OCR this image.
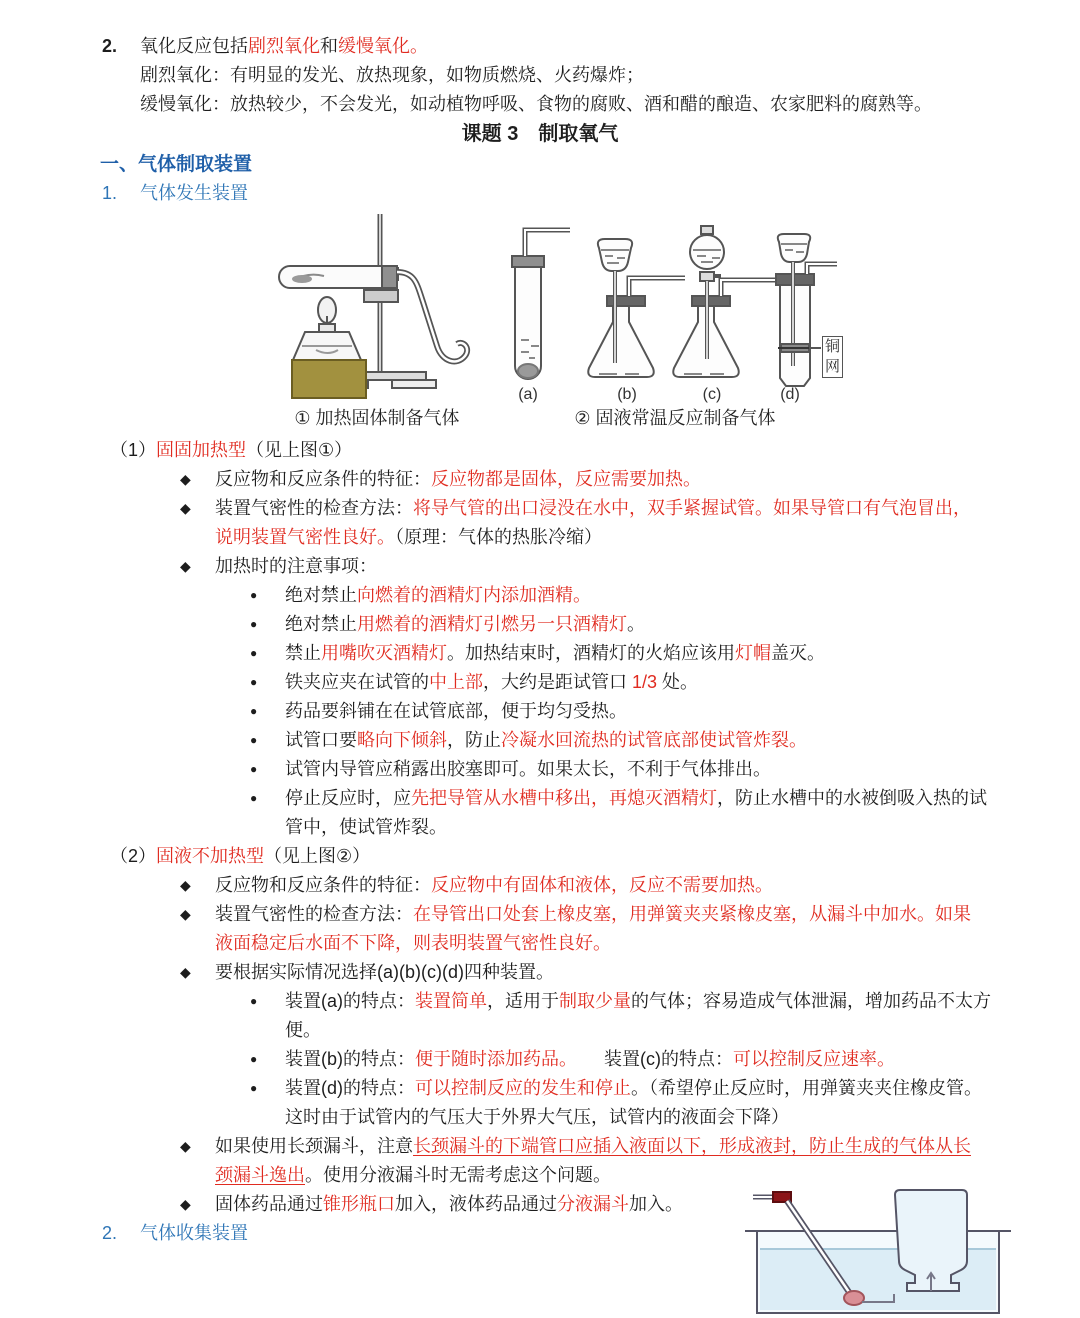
2.	氧化反应包括剧烈氧化和缓慢氧化。
剧烈氧化：有明显的发光、放热现象，如物质燃烧、火药爆炸；
缓慢氧化：放热较少，不会发光，如动植物呼吸、食物的腐败、酒和醋的酿造、农家肥料的腐熟等。
课题 3　制取氧气
一、气体制取装置
1.	气体发生装置
① 加热固体制备气体
(a)	(b)	(c)	(d)
铜网
② 固液常温反应制备气体
（1）固固加热型（见上图①）
◆	反应物和反应条件的特征：反应物都是固体，反应需要加热。
◆	装置气密性的检查方法：将导气管的出口浸没在水中，双手紧握试管。如果导管口有气泡冒出，说明装置气密性良好。（原理：气体的热胀冷缩）
◆	加热时的注意事项：
●	绝对禁止向燃着的酒精灯内添加酒精。
●	绝对禁止用燃着的酒精灯引燃另一只酒精灯。
●	禁止用嘴吹灭酒精灯。加热结束时，酒精灯的火焰应该用灯帽盖灭。
●	铁夹应夹在试管的中上部，大约是距试管口 1/3 处。
●	药品要斜铺在在试管底部，便于均匀受热。
●	试管口要略向下倾斜，防止冷凝水回流热的试管底部使试管炸裂。
●	试管内导管应稍露出胶塞即可。如果太长，不利于气体排出。
●	停止反应时，应先把导管从水槽中移出，再熄灭酒精灯，防止水槽中的水被倒吸入热的试管中，使试管炸裂。
（2）固液不加热型（见上图②）
◆	反应物和反应条件的特征：反应物中有固体和液体，反应不需要加热。
◆	装置气密性的检查方法：在导管出口处套上橡皮塞，用弹簧夹夹紧橡皮塞，从漏斗中加水。如果液面稳定后水面不下降，则表明装置气密性良好。
◆	要根据实际情况选择(a)(b)(c)(d)四种装置。
●	装置(a)的特点：装置简单，适用于制取少量的气体；容易造成气体泄漏，增加药品不太方便。
●	装置(b)的特点：便于随时添加药品。　　装置(c)的特点：可以控制反应速率。
●	装置(d)的特点：可以控制反应的发生和停止。（希望停止反应时，用弹簧夹夹住橡皮管。这时由于试管内的气压大于外界大气压，试管内的液面会下降）
◆	如果使用长颈漏斗，注意长颈漏斗的下端管口应插入液面以下，形成液封，防止生成的气体从长颈漏斗逸出。使用分液漏斗时无需考虑这个问题。
◆	固体药品通过锥形瓶口加入，液体药品通过分液漏斗加入。
2.	气体收集装置
